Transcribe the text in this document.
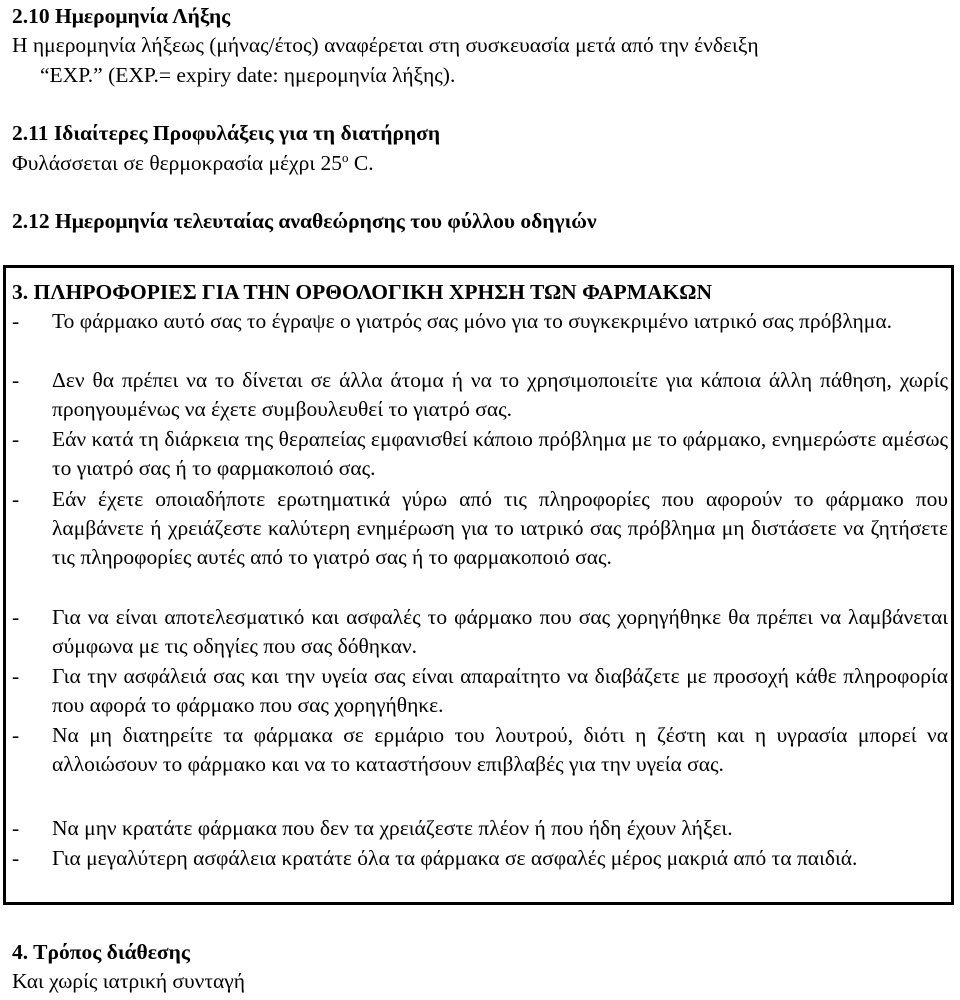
2.10 Ημερομηνία Λήξης
Η ημερομηνία λήξεως (μήνας/έτος) αναφέρεται στη συσκευασία μετά από την ένδειξη
“EXP.” (EXP.= expiry date: ημερομηνία λήξης).
2.11 Ιδιαίτερες Προφυλάξεις για τη διατήρηση
Φυλάσσεται σε θερμοκρασία μέχρι $25^o$ C.
2.12 Ημερομηνία τελευταίας αναθεώρησης του φύλλου οδηγιών
3. ΠΛΗΡΟΦΟΡΙΕΣ ΓΙΑ ΤΗΝ ΟΡΘΟΛΟΓΙΚΗ ΧΡΗΣΗ ΤΩΝ ΦΑΡΜΑΚΩΝ
- Το φάρμακο αυτό σας το έγραψε ο γιατρός σας μόνο για το συγκεκριμένο ιατρικό σας πρόβλημα.
- Δεν θα πρέπει να το δίνεται σε άλλα άτομα ή να το χρησιμοποιείτε για κάποια άλλη πάθηση, χωρίς προηγουμένως να έχετε συμβουλευθεί το γιατρό σας.
- Εάν κατά τη διάρκεια της θεραπείας εμφανισθεί κάποιο πρόβλημα με το φάρμακο, ενημερώστε αμέσως το γιατρό σας ή το φαρμακοποιό σας.
- Εάν έχετε οποιαδήποτε ερωτηματικά γύρω από τις πληροφορίες που αφορούν το φάρμακο που λαμβάνετε ή χρειάζεστε καλύτερη ενημέρωση για το ιατρικό σας πρόβλημα μη διστάσετε να ζητήσετε τις πληροφορίες αυτές από το γιατρό σας ή το φαρμακοποιό σας.
- Για να είναι αποτελεσματικό και ασφαλές το φάρμακο που σας χορηγήθηκε θα πρέπει να λαμβάνεται σύμφωνα με τις οδηγίες που σας δόθηκαν.
- Για την ασφάλειά σας και την υγεία σας είναι απαραίτητο να διαβάζετε με προσοχή κάθε πληροφορία που αφορά το φάρμακο που σας χορηγήθηκε.
- Να μη διατηρείτε τα φάρμακα σε ερμάριο του λουτρού, διότι η ζέστη και η υγρασία μπορεί να αλλοιώσουν το φάρμακο και να το καταστήσουν επιβλαβές για την υγεία σας.
- Να μην κρατάτε φάρμακα που δεν τα χρειάζεστε πλέον ή που ήδη έχουν λήξει.
- Για μεγαλύτερη ασφάλεια κρατάτε όλα τα φάρμακα σε ασφαλές μέρος μακριά από τα παιδιά.
4. Τρόπος διάθεσης
Και χωρίς ιατρική συνταγή
